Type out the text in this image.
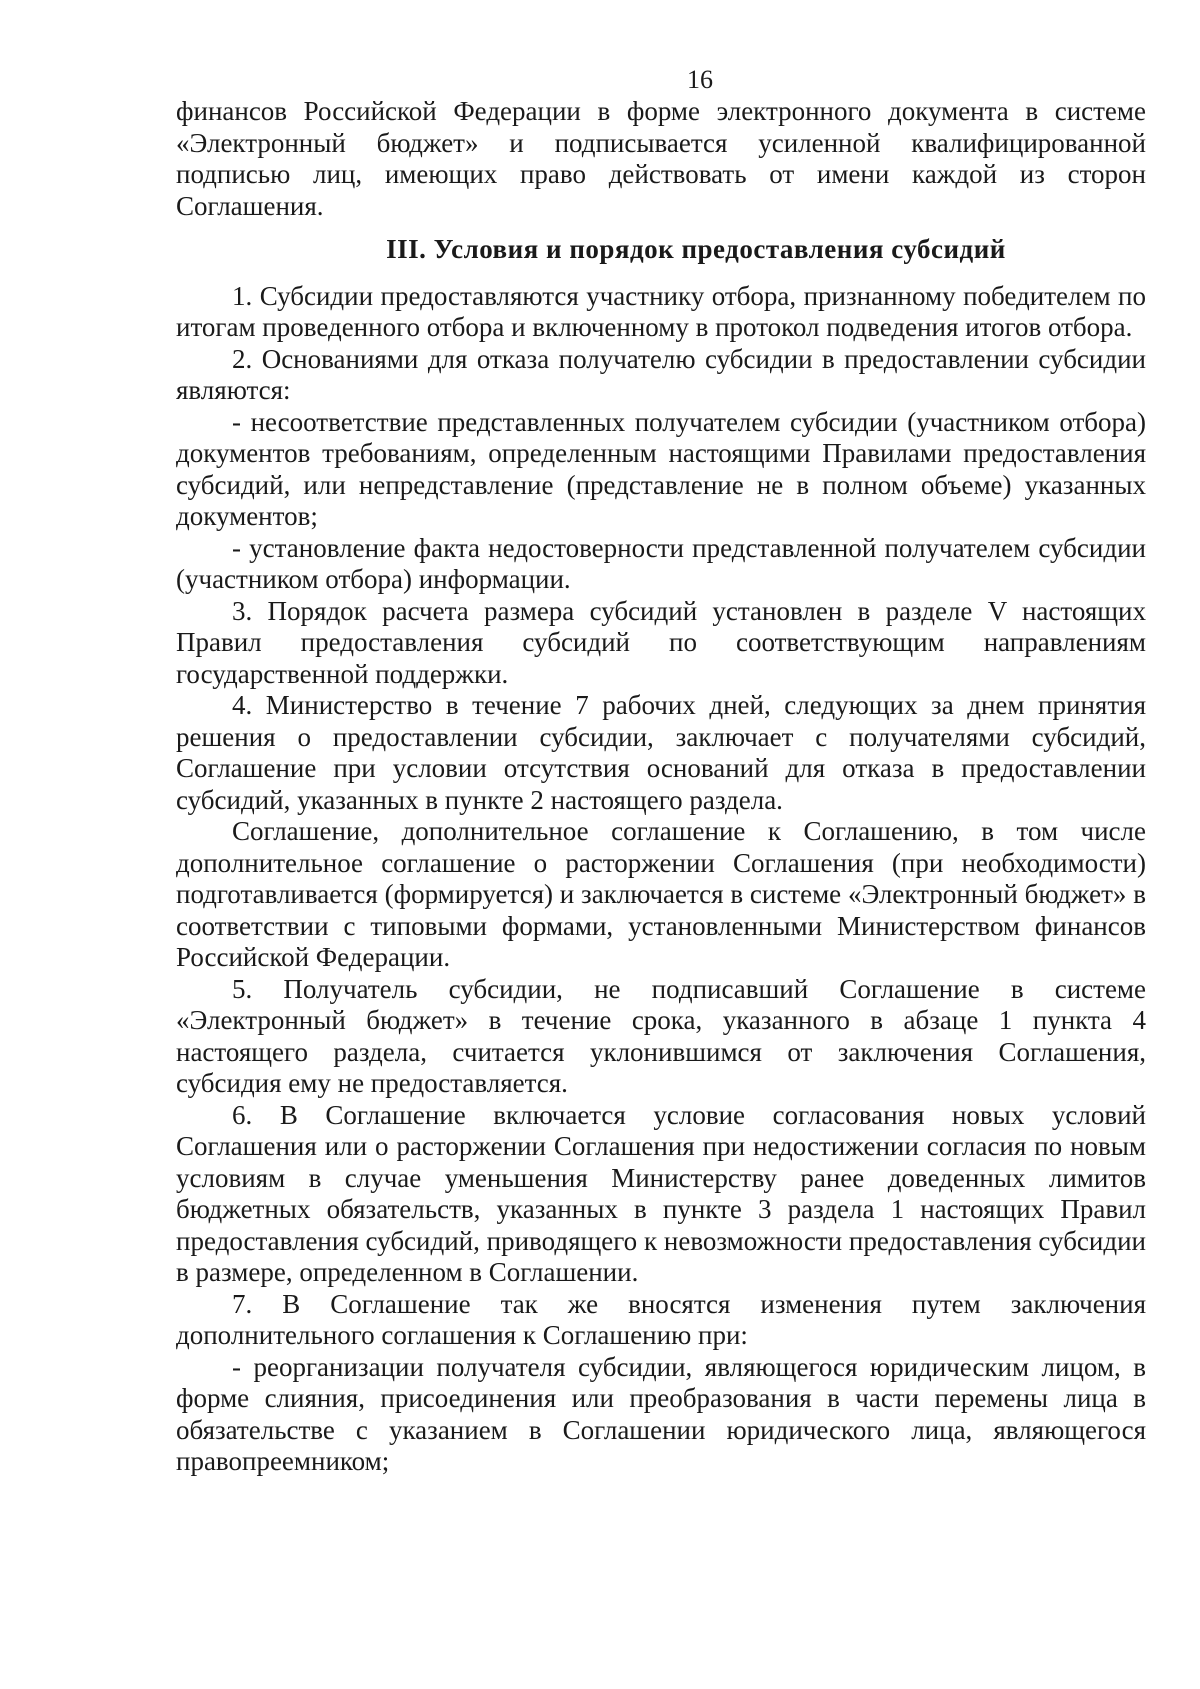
16

финансов Российской Федерации в форме электронного документа в системе «Электронный бюджет» и подписывается усиленной квалифицированной подписью лиц, имеющих право действовать от имени каждой из сторон Соглашения.

III. Условия и порядок предоставления субсидий

1. Субсидии предоставляются участнику отбора, признанному победителем по итогам проведенного отбора и включенному в протокол подведения итогов отбора.

2. Основаниями для отказа получателю субсидии в предоставлении субсидии являются:

- несоответствие представленных получателем субсидии (участником отбора) документов требованиям, определенным настоящими Правилами предоставления субсидий, или непредставление (представление не в полном объеме) указанных документов;

- установление факта недостоверности представленной получателем субсидии (участником отбора) информации.

3. Порядок расчета размера субсидий установлен в разделе V настоящих Правил предоставления субсидий по соответствующим направлениям государственной поддержки.

4. Министерство в течение 7 рабочих дней, следующих за днем принятия решения о предоставлении субсидии, заключает с получателями субсидий, Соглашение при условии отсутствия оснований для отказа в предоставлении субсидий, указанных в пункте 2 настоящего раздела.

Соглашение, дополнительное соглашение к Соглашению, в том числе дополнительное соглашение о расторжении Соглашения (при необходимости) подготавливается (формируется) и заключается в системе «Электронный бюджет» в соответствии с типовыми формами, установленными Министерством финансов Российской Федерации.

5. Получатель субсидии, не подписавший Соглашение в системе «Электронный бюджет» в течение срока, указанного в абзаце 1 пункта 4 настоящего раздела, считается уклонившимся от заключения Соглашения, субсидия ему не предоставляется.

6. В Соглашение включается условие согласования новых условий Соглашения или о расторжении Соглашения при недостижении согласия по новым условиям в случае уменьшения Министерству ранее доведенных лимитов бюджетных обязательств, указанных в пункте 3 раздела 1 настоящих Правил предоставления субсидий, приводящего к невозможности предоставления субсидии в размере, определенном в Соглашении.

7. В Соглашение так же вносятся изменения путем заключения дополнительного соглашения к Соглашению при:

- реорганизации получателя субсидии, являющегося юридическим лицом, в форме слияния, присоединения или преобразования в части перемены лица в обязательстве с указанием в Соглашении юридического лица, являющегося правопреемником;
